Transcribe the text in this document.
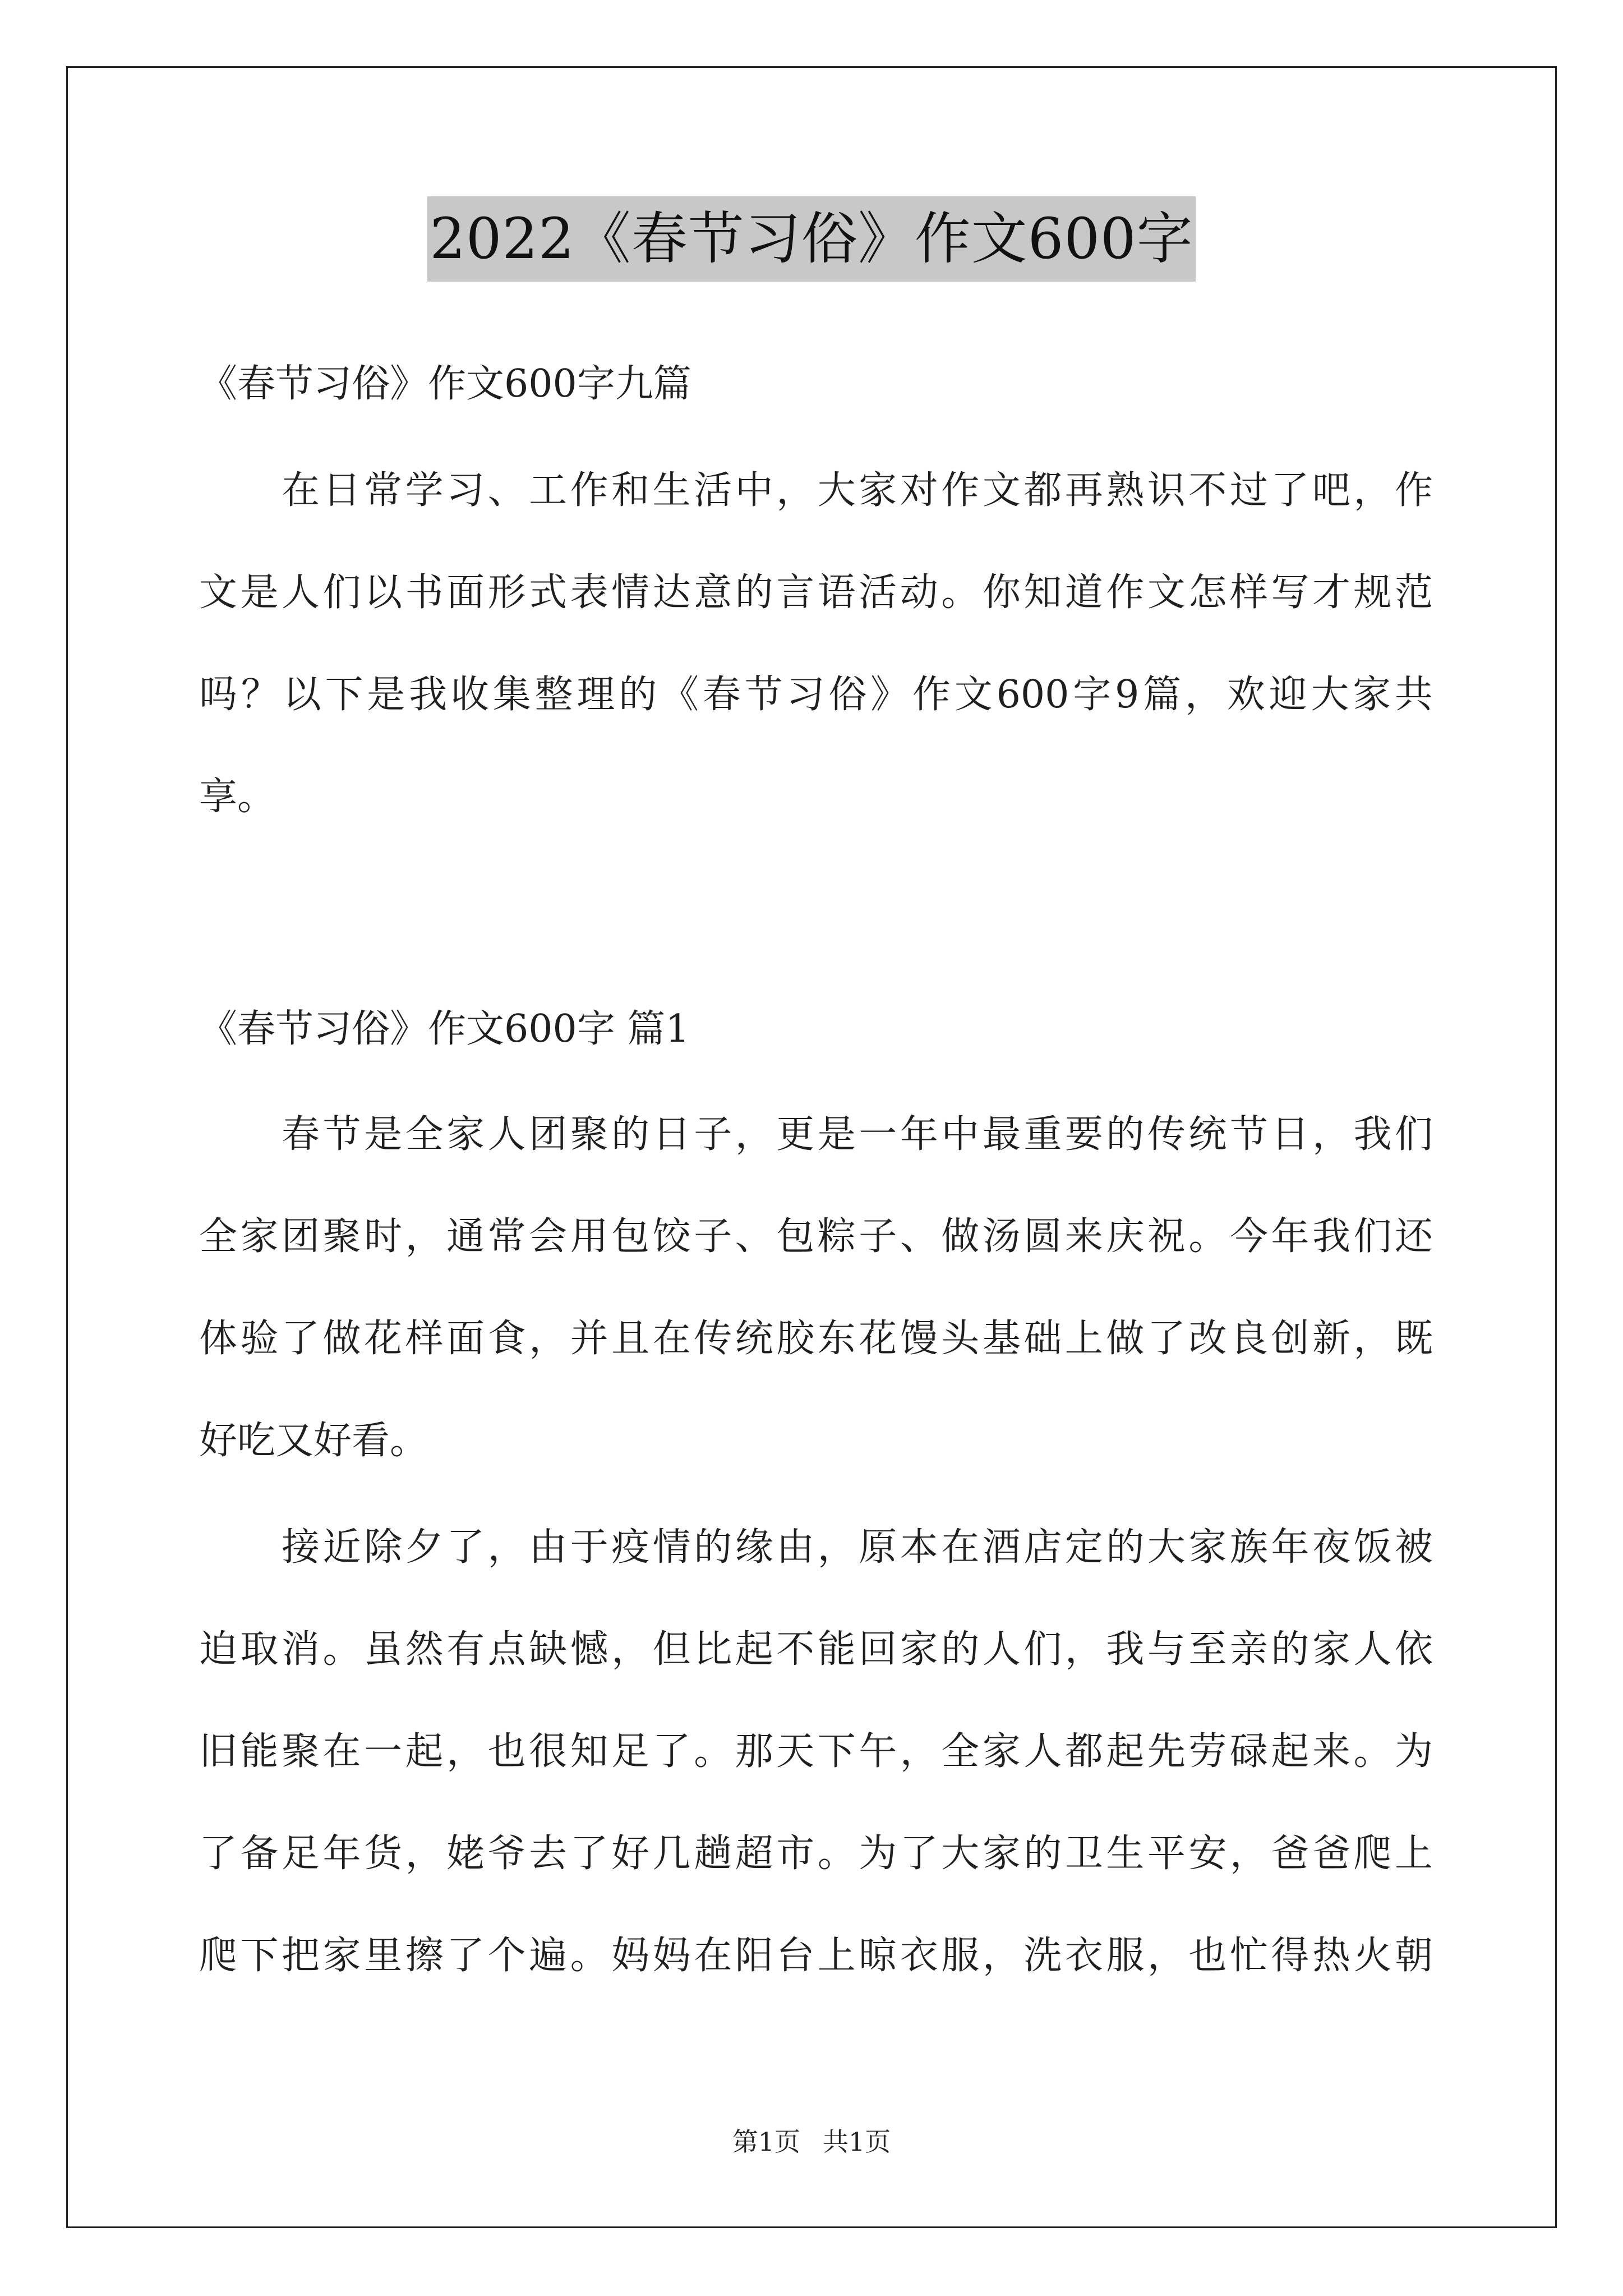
2022《春节习俗》作文600字
《春节习俗》作文600字九篇
　　在日常学习、工作和生活中，大家对作文都再熟识不过了吧，作
文是人们以书面形式表情达意的言语活动。你知道作文怎样写才规范
吗？以下是我收集整理的《春节习俗》作文600字9篇，欢迎大家共
享。
《春节习俗》作文600字 篇1
　　春节是全家人团聚的日子，更是一年中最重要的传统节日，我们
全家团聚时，通常会用包饺子、包粽子、做汤圆来庆祝。今年我们还
体验了做花样面食，并且在传统胶东花馒头基础上做了改良创新，既
好吃又好看。
　　接近除夕了，由于疫情的缘由，原本在酒店定的大家族年夜饭被
迫取消。虽然有点缺憾，但比起不能回家的人们，我与至亲的家人依
旧能聚在一起，也很知足了。那天下午，全家人都起先劳碌起来。为
了备足年货，姥爷去了好几趟超市。为了大家的卫生平安，爸爸爬上
爬下把家里擦了个遍。妈妈在阳台上晾衣服，洗衣服，也忙得热火朝
第1页 共1页
